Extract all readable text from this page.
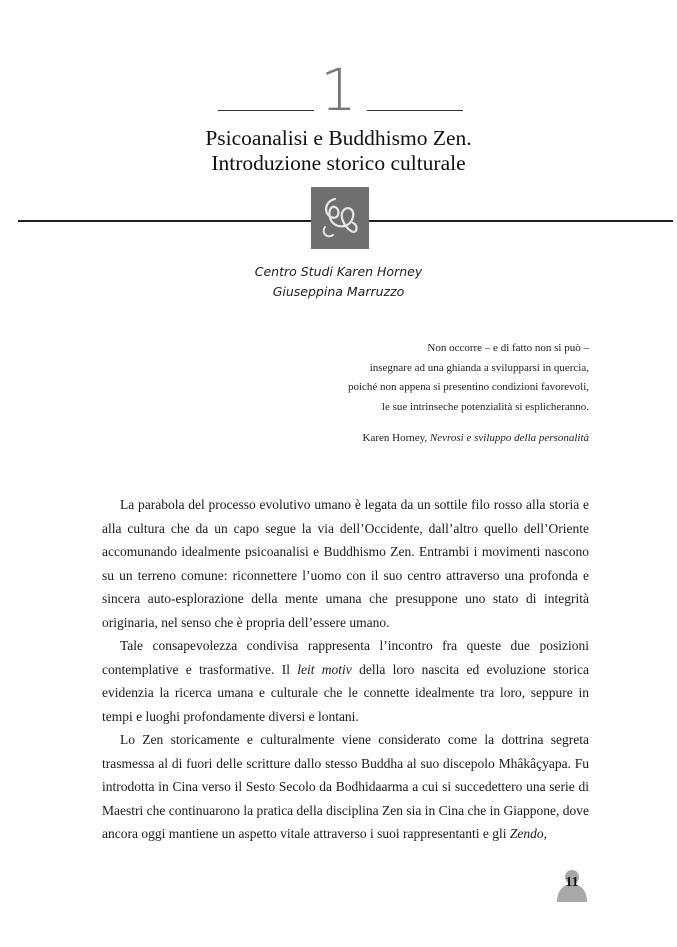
1
Psicoanalisi e Buddhismo Zen.
Introduzione storico culturale
Centro Studi Karen Horney
Giuseppina Marruzzo
Non occorre – e di fatto non si può –
insegnare ad una ghianda a svilupparsi in quercia,
poiché non appena si presentino condizioni favorevoli,
le sue intrinseche potenzialità si esplicheranno.
Karen Horney, Nevrosi e sviluppo della personalità

La parabola del processo evolutivo umano è legata da un sottile filo rosso alla storia e alla cultura che da un capo segue la via dell’Occidente, dall’altro quello dell’Oriente accomunando idealmente psicoanalisi e Buddhismo Zen. Entrambi i movimenti nascono su un terreno comune: riconnettere l’uomo con il suo centro attraverso una profonda e sincera auto-esplorazione della mente umana che presuppone uno stato di integrità originaria, nel senso che è propria dell’essere umano.

Tale consapevolezza condivisa rappresenta l’incontro fra queste due posizioni contemplative e trasformative. Il leit motiv della loro nascita ed evoluzione storica evidenzia la ricerca umana e culturale che le connette idealmente tra loro, seppure in tempi e luoghi profondamente diversi e lontani.

Lo Zen storicamente e culturalmente viene considerato come la dottrina segreta trasmessa al di fuori delle scritture dallo stesso Buddha al suo discepolo Mhâkâçyapa. Fu introdotta in Cina verso il Sesto Secolo da Bodhidaarma a cui si succedettero una serie di Maestri che continuarono la pratica della disciplina Zen sia in Cina che in Giappone, dove ancora oggi mantiene un aspetto vitale attraverso i suoi rappresentanti e gli Zendo,

11
